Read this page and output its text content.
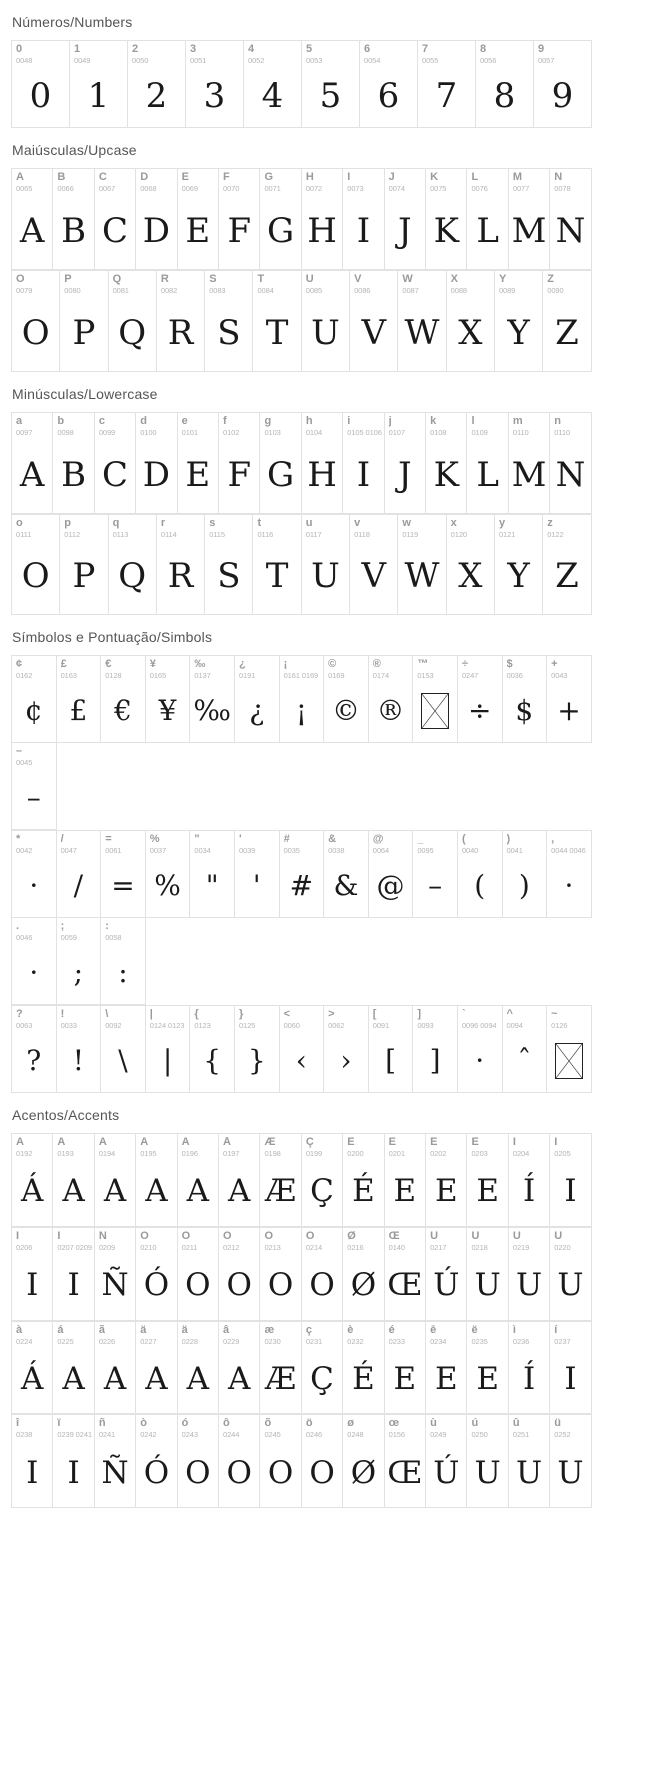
Números/Numbers
0
0048
0
1
0049
1
2
0050
2
3
0051
3
4
0052
4
5
0053
5
6
0054
6
7
0055
7
8
0056
8
9
0057
9
Maiúsculas/Upcase
A
0065
A
B
0066
B
C
0067
C
D
0068
D
E
0069
E
F
0070
F
G
0071
G
H
0072
H
I
0073
I
J
0074
J
K
0075
K
L
0076
L
M
0077
M
N
0078
N
O
0079
O
P
0080
P
Q
0081
Q
R
0082
R
S
0083
S
T
0084
T
U
0085
U
V
0086
V
W
0087
W
X
0088
X
Y
0089
Y
Z
0090
Z
Minúsculas/Lowercase
a
0097
A
b
0098
B
c
0099
C
d
0100
D
e
0101
E
f
0102
F
g
0103
G
h
0104
H
i
0105 0106
I
j
0107
J
k
0108
K
l
0109
L
m
0110
M
n
0110
N
o
0111
O
p
0112
P
q
0113
Q
r
0114
R
s
0115
S
t
0116
T
u
0117
U
v
0118
V
w
0119
W
x
0120
X
y
0121
Y
z
0122
Z
Símbolos e Pontuação/Simbols
¢
0162
¢
£
0163
£
€
0128
€
¥
0165
¥
‰
0137
‰
¿
0191
¿
¡
0161 0169
¡
©
0169
©
®
0174
®
™
0153
÷
0247
÷
$
0036
$
+
0043
+
–
0045
–
*
0042
·
/
0047
/
=
0061
=
%
0037
%
"
0034
"
'
0039
'
#
0035
#
&
0038
&
@
0064
@
_
0095
–
(
0040
(
)
0041
)
,
0044 0046
·
.
0046
·
;
0059
;
:
0058
:
?
0063
?
!
0033
!
\
0092
\
|
0124 0123
|
{
0123
{
}
0125
}
<
0060
‹
>
0062
›
[
0091
[
]
0093
]
`
0096 0094
·
^
0094
ˆ
~
0126
Acentos/Accents
À
0192
Á
Á
0193
A
Â
0194
A
Ã
0195
A
Ä
0196
A
Å
0197
A
Æ
0198
Æ
Ç
0199
Ç
È
0200
É
É
0201
E
Ê
0202
E
Ë
0203
E
Ì
0204
Í
Í
0205
I
Î
0206
I
Ï
0207 0209
I
Ñ
0209
Ñ
Ò
0210
Ó
Ó
0211
O
Ô
0212
O
Õ
0213
O
Ö
0214
O
Ø
0216
Ø
Œ
0140
Œ
Ù
0217
Ú
Ú
0218
U
Û
0219
U
Ü
0220
U
à
0224
Á
á
0225
A
ã
0226
A
ä
0227
A
ä
0228
A
â
0229
A
æ
0230
Æ
ç
0231
Ç
è
0232
É
é
0233
E
ē
0234
E
ë
0235
E
ì
0236
Í
í
0237
I
î
0238
I
ï
0239 0241
I
ñ
0241
Ñ
ò
0242
Ó
ó
0243
O
ô
0244
O
õ
0245
O
ö
0246
O
ø
0248
Ø
œ
0156
Œ
ù
0249
Ú
ú
0250
U
û
0251
U
ü
0252
U
